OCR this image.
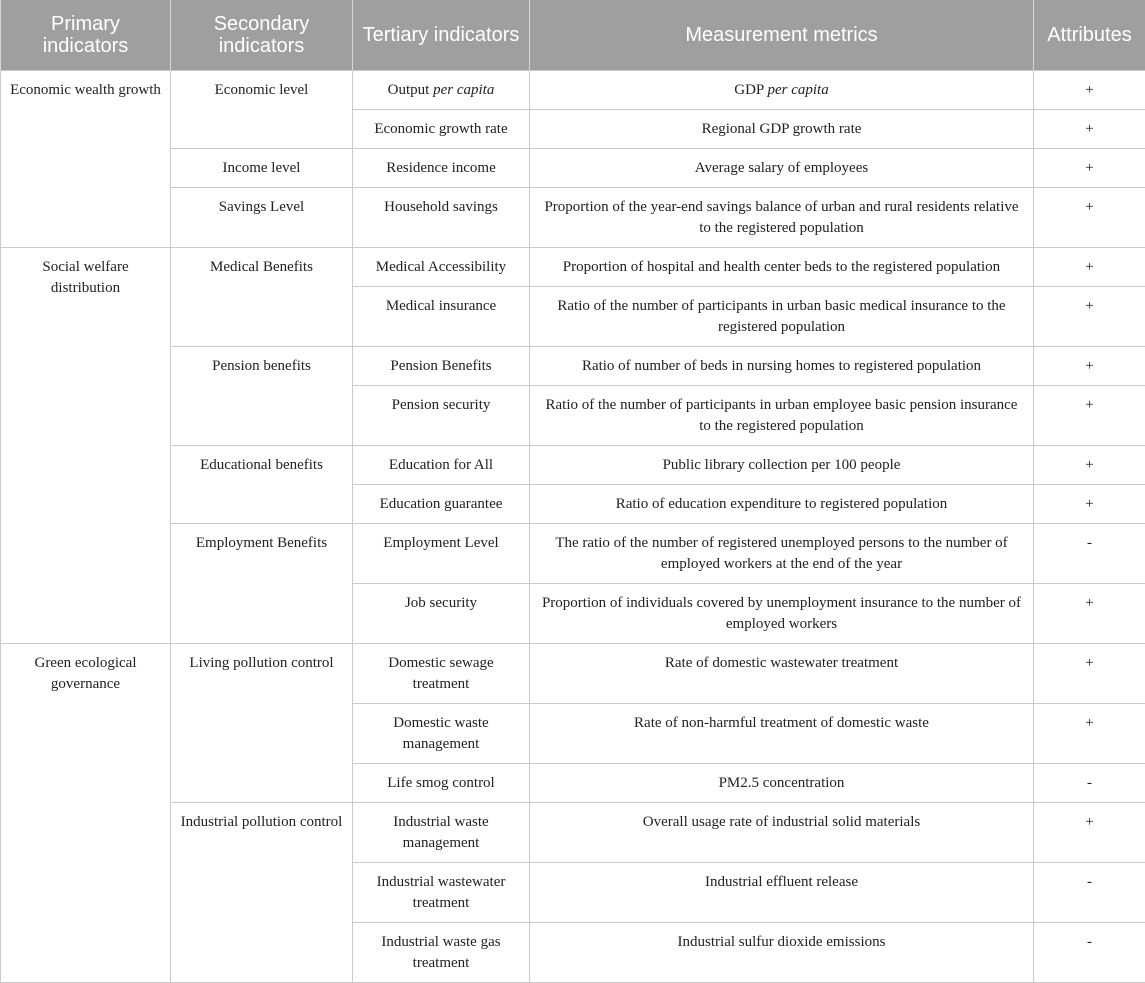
Primary indicators	Secondary indicators	Tertiary indicators	Measurement metrics	Attributes
Economic wealth growth	Economic level	Output per capita	GDP per capita	+
		Economic growth rate	Regional GDP growth rate	+
	Income level	Residence income	Average salary of employees	+
	Savings Level	Household savings	Proportion of the year-end savings balance of urban and rural residents relative to the registered population	+
Social welfare distribution	Medical Benefits	Medical Accessibility	Proportion of hospital and health center beds to the registered population	+
		Medical insurance	Ratio of the number of participants in urban basic medical insurance to the registered population	+
	Pension benefits	Pension Benefits	Ratio of number of beds in nursing homes to registered population	+
		Pension security	Ratio of the number of participants in urban employee basic pension insurance to the registered population	+
	Educational benefits	Education for All	Public library collection per 100 people	+
		Education guarantee	Ratio of education expenditure to registered population	+
	Employment Benefits	Employment Level	The ratio of the number of registered unemployed persons to the number of employed workers at the end of the year	-
		Job security	Proportion of individuals covered by unemployment insurance to the number of employed workers	+
Green ecological governance	Living pollution control	Domestic sewage treatment	Rate of domestic wastewater treatment	+
		Domestic waste management	Rate of non-harmful treatment of domestic waste	+
		Life smog control	PM2.5 concentration	-
	Industrial pollution control	Industrial waste management	Overall usage rate of industrial solid materials	+
		Industrial wastewater treatment	Industrial effluent release	-
		Industrial waste gas treatment	Industrial sulfur dioxide emissions	-
